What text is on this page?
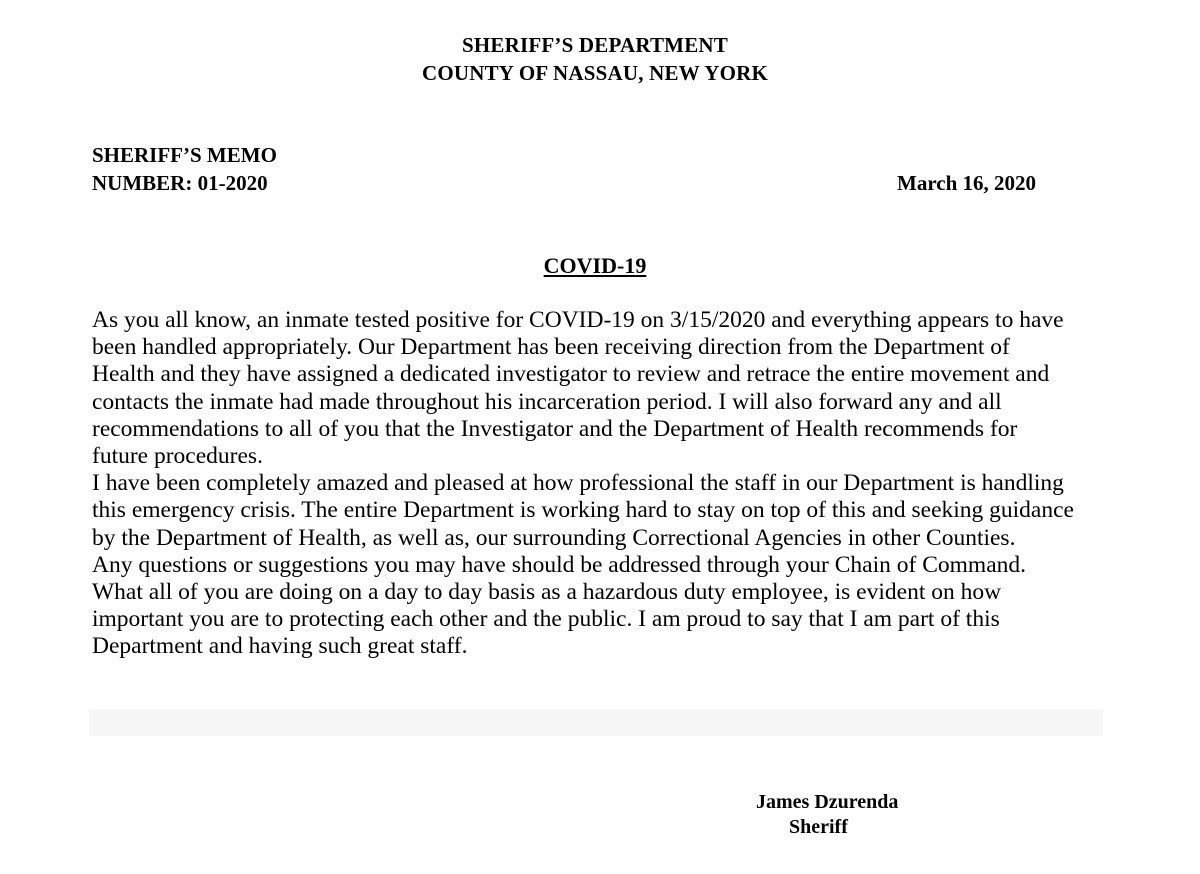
SHERIFF’S DEPARTMENT
COUNTY OF NASSAU, NEW YORK
SHERIFF’S MEMO
NUMBER: 01-2020	March 16, 2020
COVID-19

As you all know, an inmate tested positive for COVID-19 on 3/15/2020 and everything appears to have

been handled appropriately. Our Department has been receiving direction from the Department of

Health and they have assigned a dedicated investigator to review and retrace the entire movement and

contacts the inmate had made throughout his incarceration period. I will also forward any and all

recommendations to all of you that the Investigator and the Department of Health recommends for

future procedures.

I have been completely amazed and pleased at how professional the staff in our Department is handling

this emergency crisis. The entire Department is working hard to stay on top of this and seeking guidance

by the Department of Health, as well as, our surrounding Correctional Agencies in other Counties.

Any questions or suggestions you may have should be addressed through your Chain of Command.

What all of you are doing on a day to day basis as a hazardous duty employee, is evident on how

important you are to protecting each other and the public. I am proud to say that I am part of this

Department and having such great staff.

James Dzurenda
Sheriff
